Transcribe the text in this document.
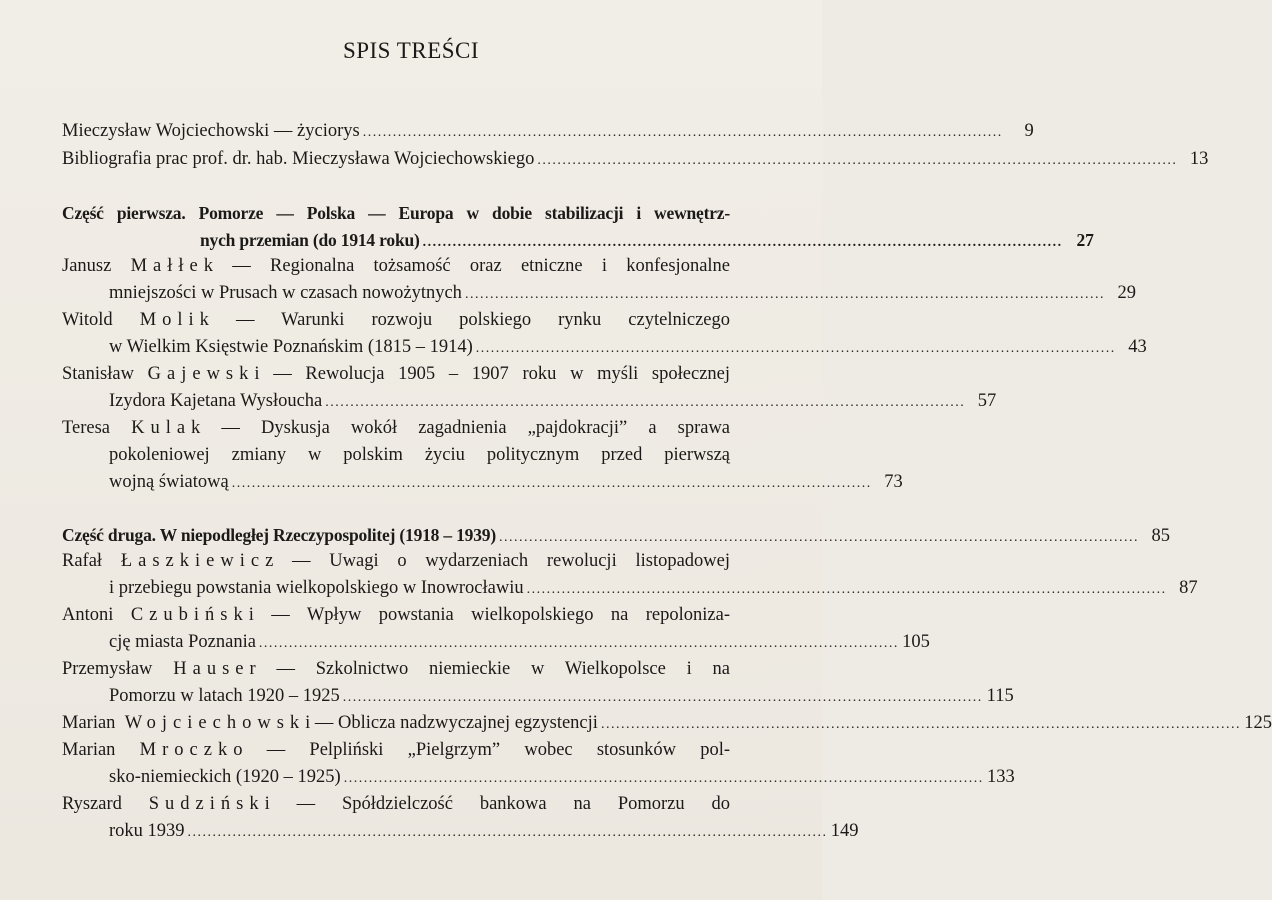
SPIS TREŚCI
Mieczysław Wojciechowski — życiorys ................................................................................................................................	9
Bibliografia prac prof. dr. hab. Mieczysława Wojciechowskiego ................................................................................................................................ 13
Część pierwsza. Pomorze — Polska — Europa w dobie stabilizacji i wewnętrz-
nych przemian (do 1914 roku) ................................................................................................................................ 27
Janusz Małłek — Regionalna tożsamość oraz etniczne i konfesjonalne
mniejszości w Prusach w czasach nowożytnych ................................................................................................................................ 29
Witold Molik — Warunki rozwoju polskiego rynku czytelniczego
w Wielkim Księstwie Poznańskim (1815 – 1914) ................................................................................................................................ 43
Stanisław Gajewski — Rewolucja 1905 – 1907 roku w myśli społecznej
Izydora Kajetana Wysłoucha ................................................................................................................................ 57
Teresa Kulak — Dyskusja wokół zagadnienia „pajdokracji” a sprawa
pokoleniowej zmiany w polskim życiu politycznym przed pierwszą
wojną światową ................................................................................................................................ 73
Część druga. W niepodległej Rzeczypospolitej (1918 – 1939) ................................................................................................................................ 85
Rafał Łaszkiewicz — Uwagi o wydarzeniach rewolucji listopadowej
i przebiegu powstania wielkopolskiego w Inowrocławiu ................................................................................................................................ 87
Antoni Czubiński — Wpływ powstania wielkopolskiego na repoloniza-
cję miasta Poznania ................................................................................................................................ 105
Przemysław Hauser — Szkolnictwo niemieckie w Wielkopolsce i na
Pomorzu w latach 1920 – 1925 ................................................................................................................................ 115
Marian Wojciechowski — Oblicza nadzwyczajnej egzystencji ................................................................................................................................ 125
Marian Mroczko — Pelpliński „Pielgrzym” wobec stosunków pol-
sko-niemieckich (1920 – 1925) ................................................................................................................................ 133
Ryszard Sudziński — Spółdzielczość bankowa na Pomorzu do
roku 1939 ................................................................................................................................ 149
